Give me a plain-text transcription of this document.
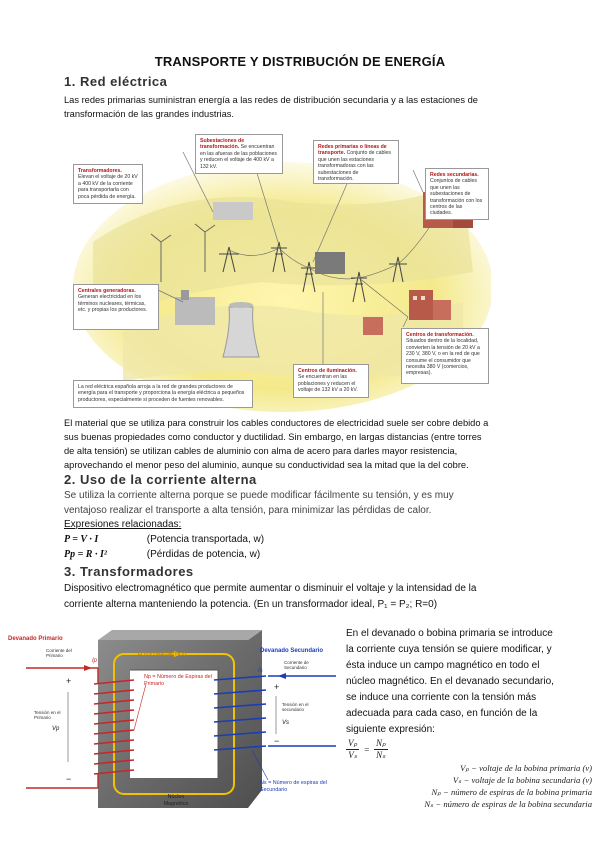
TRANSPORTE Y DISTRIBUCIÓN DE ENERGÍA
1. Red eléctrica
Las redes primarias suministran energía a las redes de distribución secundaria y a las estaciones de
transformación de las grandes industrias.
Subestaciones de transformación. Se encuentran en las afueras de las poblaciones y reducen el voltaje de 400 kV a 132 kV.
Redes primarias o líneas de transporte. Conjunto de cables que unen las estaciones transformadoras con las subestaciones de transformación.
Transformadores. Elevan el voltaje de 20 kV a 400 kV de la corriente para transportarla con poca pérdida de energía.
Redes secundarias. Conjuntos de cables que unen las subestaciones de transformación con los centros de las ciudades.
Centrales generadoras. Generan electricidad en los términos nucleares, térmicas, etc. y propias los productores.
Centros de transformación. Situados dentro de la localidad, convierten la tensión de 20 kV a 230 V, 380 V, o en la red de que consume el consumidor que necesita 380 V (comercios, empresas).
Centros de iluminación. Se encuentran en las poblaciones y reducen el voltaje de 132 kV a 20 kV.
La red eléctrica española arroja a la red de grandes productores de energía para el transporte y proporciona la energía eléctrica a pequeños productores, especialmente si proceden de fuentes renovables.
El material que se utiliza para construir los cables conductores de electricidad suele ser cobre debido a
sus buenas propiedades como conductor y ductilidad. Sin embargo, en largas distancias (entre torres
de alta tensión) se utilizan cables de aluminio con alma de acero para darles mayor resistencia,
aprovechando el menor peso del aluminio, aunque su conductividad sea la mitad que la del cobre.
2. Uso de la corriente alterna
Se utiliza la corriente alterna porque se puede modificar fácilmente su tensión, y es muy
ventajoso realizar el transporte a alta tensión, para minimizar las pérdidas de calor.
Expresiones relacionadas:
P = V · I	(Potencia transportada, w)
Pp = R · I²	(Pérdidas de potencia, w)
3. Transformadores
Dispositivo electromagnético que permite aumentar o disminuir el voltaje y la intensidad de la
corriente alterna manteniendo la potencia. (En un transformador ideal, P₁ = P₂; R=0)
+
−
+
−
Devanado Primario
Corriente del Primario
Ip
Tensión en el Primario
Vp
FLUJO MAGNÉTICO
Np = Número de Espiras del Primario
Devanado Secundario
Corriente de Secundario
Is
Tensión en el secundario
Vs
Ns = Número de espiras del Secundario
Núcleo Magnético
En el devanado o bobina primaria se introduce
la corriente cuya tensión se quiere modificar, y
ésta induce un campo magnético en todo el
núcleo magnético. En el devanado secundario,
se induce una corriente con la tensión más
adecuada para cada caso, en función de la
siguiente expresión:
$\frac{\text{Vₚ}}{\text{Vₛ}} = \frac{\text{Nₚ}}{\text{Nₛ}}$
Vₚ − voltaje de la bobina primaria (v)
Vₛ − voltaje de la bobina secundaria (v)
Nₚ − número de espiras de la bobina primaria
Nₛ − número de espiras de la bobina secundaria
